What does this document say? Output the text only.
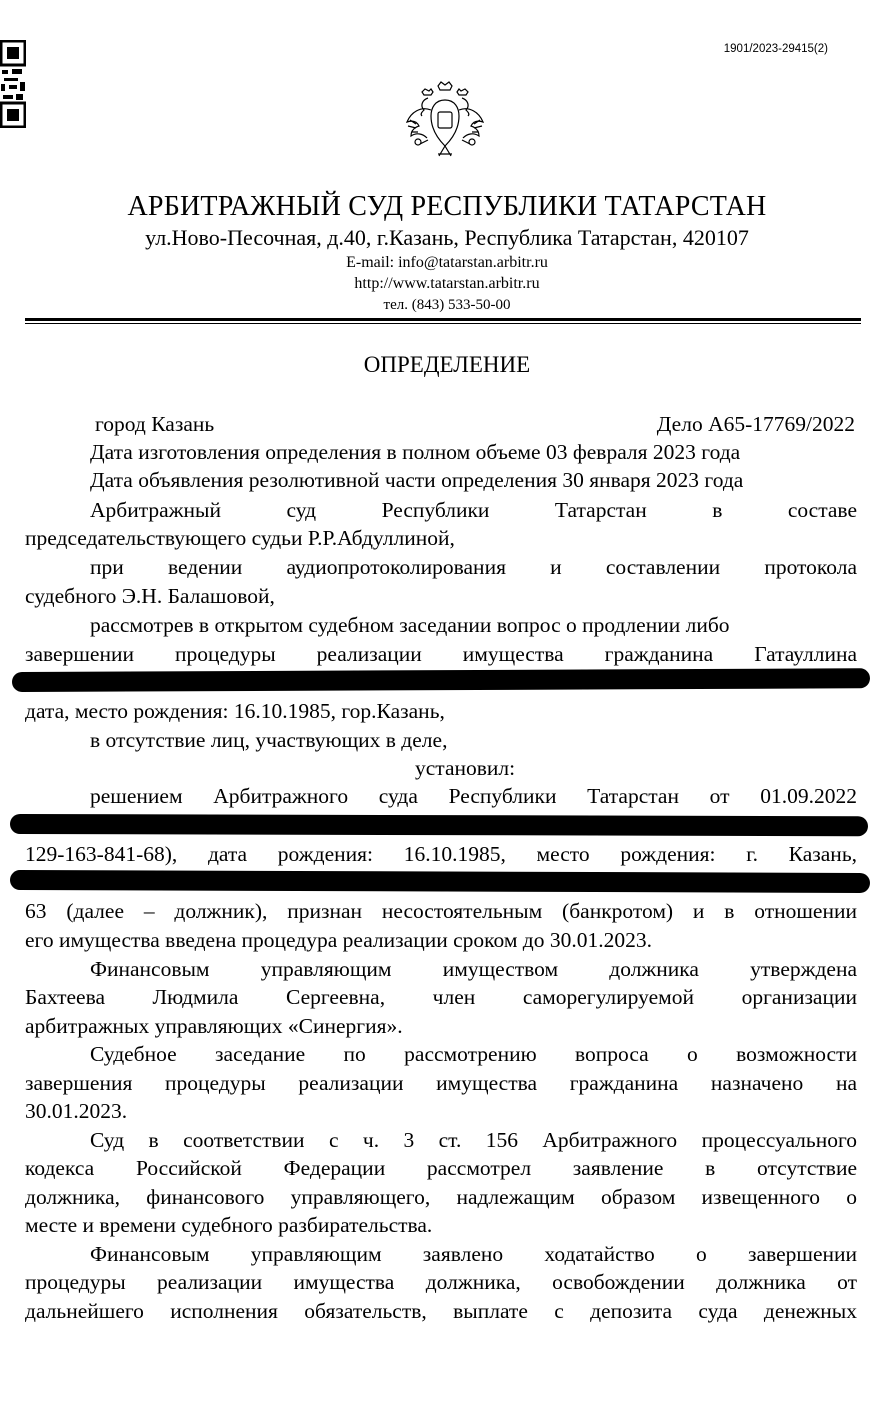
1901/2023-29415(2)
АРБИТРАЖНЫЙ СУД РЕСПУБЛИКИ ТАТАРСТАН
ул.Ново-Песочная, д.40, г.Казань, Республика Татарстан, 420107
E-mail: info@tatarstan.arbitr.ru
http://www.tatarstan.arbitr.ru
тел. (843) 533-50-00
ОПРЕДЕЛЕНИЕ
город Казань	Дело А65-17769/2022
Дата изготовления определения в полном объеме 03 февраля 2023 года
Дата объявления резолютивной части определения 30 января 2023 года
Арбитражный суд Республики Татарстан в составе
председательствующего судьи Р.Р.Абдуллиной,
при ведении аудиопротоколирования и составлении протокола
судебного Э.Н. Балашовой,
рассмотрев в открытом судебном заседании вопрос о продлении либо
завершении процедуры реализации имущества гражданина Гатауллина
дата, место рождения: 16.10.1985, гор.Казань,
в отсутствие лиц, участвующих в деле,
установил:
решением Арбитражного суда Республики Татарстан от 01.09.2022
129-163-841-68), дата рождения: 16.10.1985, место рождения: г. Казань,
63 (далее – должник), признан несостоятельным (банкротом) и в отношении
его имущества введена процедура реализации сроком до 30.01.2023.
Финансовым управляющим имуществом должника утверждена
Бахтеева Людмила Сергеевна, член саморегулируемой организации
арбитражных управляющих «Синергия».
Судебное заседание по рассмотрению вопроса о возможности
завершения процедуры реализации имущества гражданина назначено на
30.01.2023.
Суд в соответствии с ч. 3 ст. 156 Арбитражного процессуального
кодекса Российской Федерации рассмотрел заявление в отсутствие
должника, финансового управляющего, надлежащим образом извещенного о
месте и времени судебного разбирательства.
Финансовым управляющим заявлено ходатайство о завершении
процедуры реализации имущества должника, освобождении должника от
дальнейшего исполнения обязательств, выплате с депозита суда денежных
